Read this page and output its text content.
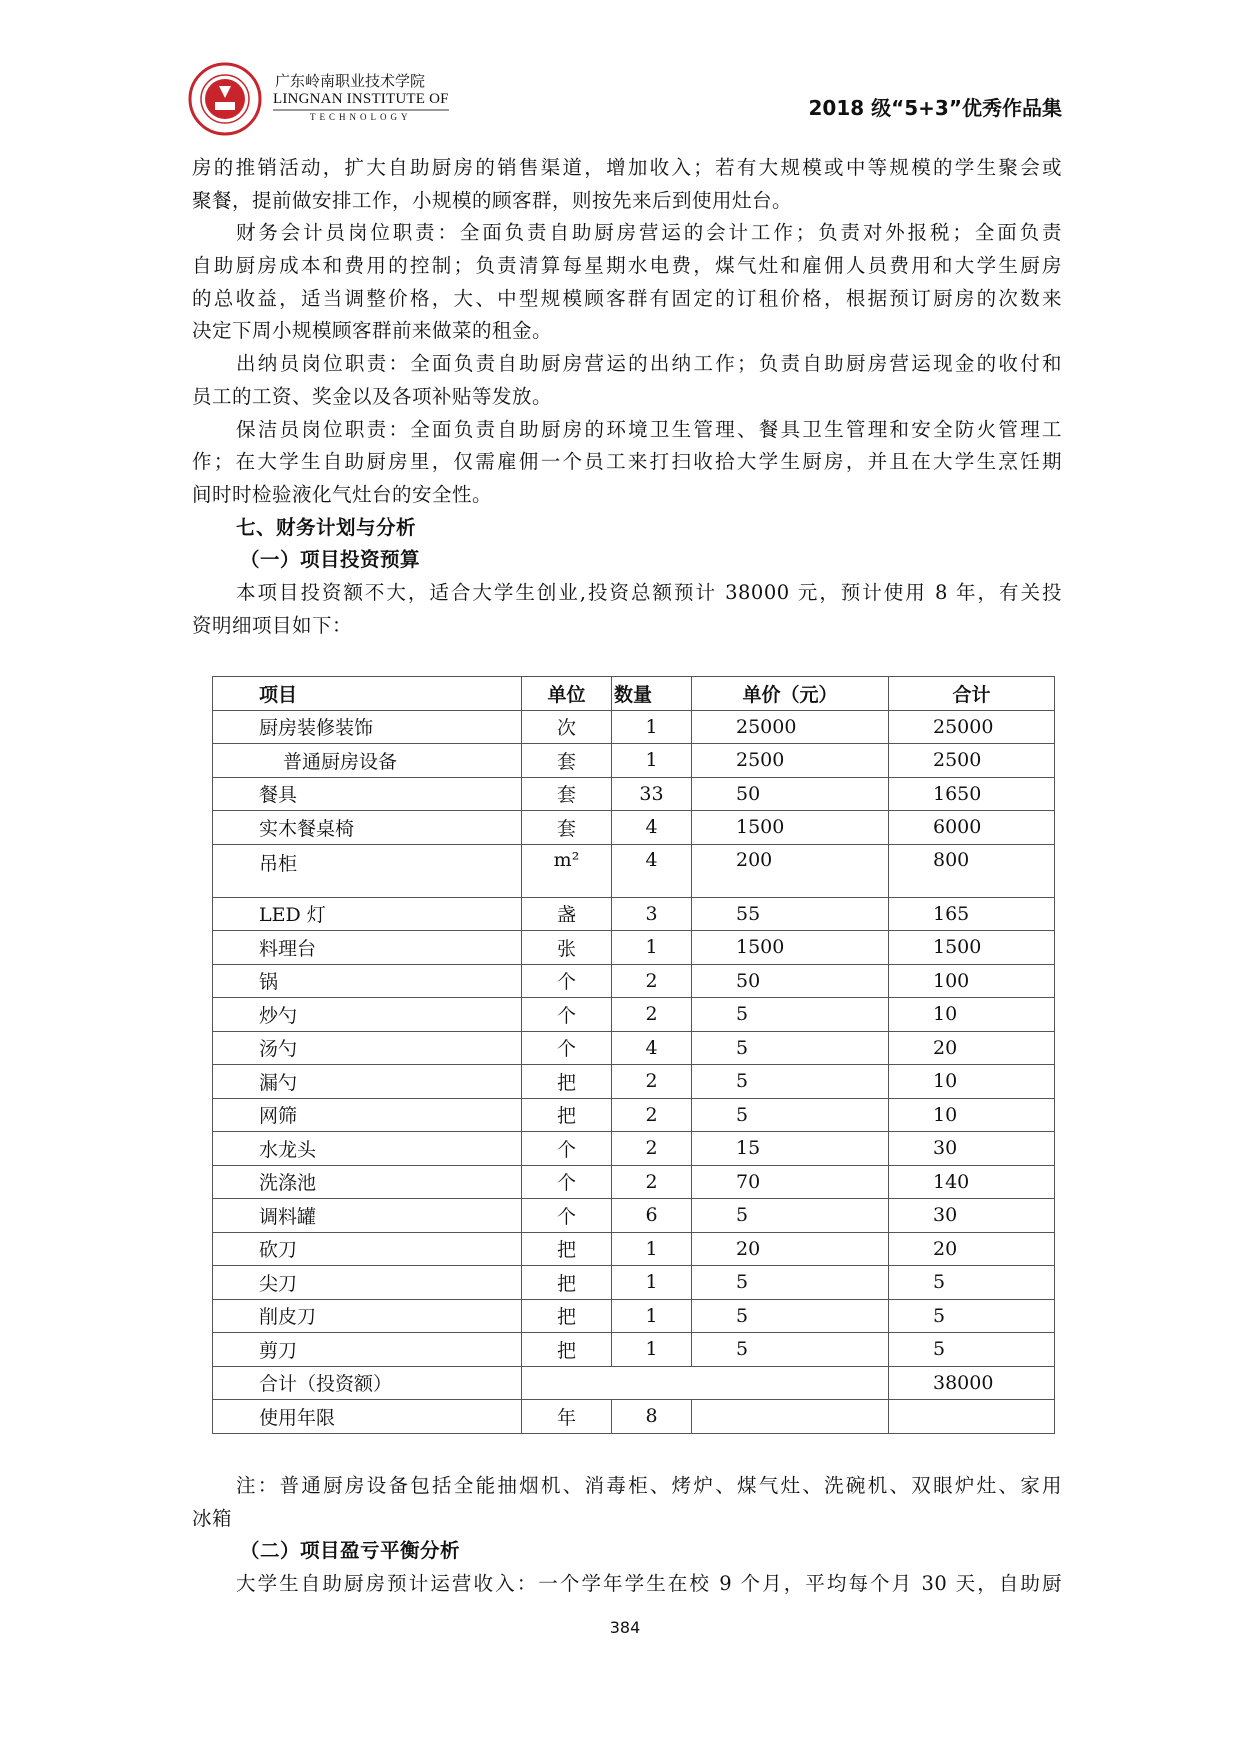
广东岭南职业技术学院
LINGNAN INSTITUTE OF
TECHNOLOGY	2018 级“5+3”优秀作品集
房的推销活动，扩大自助厨房的销售渠道，增加收入；若有大规模或中等规模的学生聚会或
聚餐，提前做安排工作，小规模的顾客群，则按先来后到使用灶台。
财务会计员岗位职责：全面负责自助厨房营运的会计工作；负责对外报税；全面负责
自助厨房成本和费用的控制；负责清算每星期水电费，煤气灶和雇佣人员费用和大学生厨房
的总收益，适当调整价格，大、中型规模顾客群有固定的订租价格，根据预订厨房的次数来
决定下周小规模顾客群前来做菜的租金。
出纳员岗位职责：全面负责自助厨房营运的出纳工作；负责自助厨房营运现金的收付和
员工的工资、奖金以及各项补贴等发放。
保洁员岗位职责：全面负责自助厨房的环境卫生管理、餐具卫生管理和安全防火管理工
作；在大学生自助厨房里，仅需雇佣一个员工来打扫收拾大学生厨房，并且在大学生烹饪期
间时时检验液化气灶台的安全性。
七、财务计划与分析
（一）项目投资预算
本项目投资额不大，适合大学生创业,投资总额预计 38000 元，预计使用 8 年，有关投
资明细项目如下：
项目	单位	数量	单价（元）	合计
厨房装修装饰	次	1	25000	25000
普通厨房设备	套	1	2500	2500
餐具	套	33	50	1650
实木餐桌椅	套	4	1500	6000
吊柜	m²	4	200	800
LED 灯	盏	3	55	165
料理台	张	1	1500	1500
锅	个	2	50	100
炒勺	个	2	5	10
汤勺	个	4	5	20
漏勺	把	2	5	10
网筛	把	2	5	10
水龙头	个	2	15	30
洗涤池	个	2	70	140
调料罐	个	6	5	30
砍刀	把	1	20	20
尖刀	把	1	5	5
削皮刀	把	1	5	5
剪刀	把	1	5	5
合计（投资额）				38000
使用年限	年	8		
注：普通厨房设备包括全能抽烟机、消毒柜、烤炉、煤气灶、洗碗机、双眼炉灶、家用
冰箱
（二）项目盈亏平衡分析
大学生自助厨房预计运营收入：一个学年学生在校 9 个月，平均每个月 30 天，自助厨
384
